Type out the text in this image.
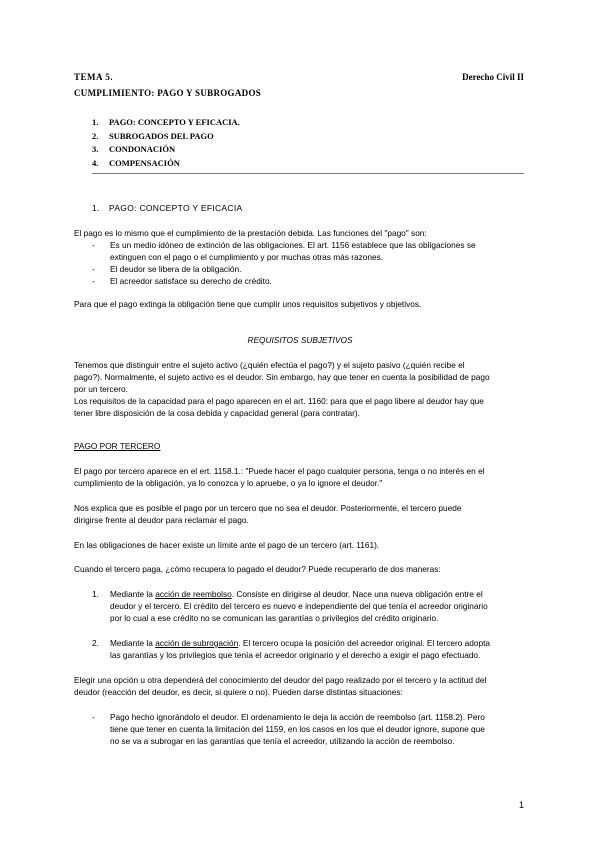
TEMA 5.
CUMPLIMIENTO: PAGO Y SUBROGADOS
Derecho Civil II
1. PAGO: CONCEPTO Y EFICACIA.
2. SUBROGADOS DEL PAGO
3. CONDONACIÓN
4. COMPENSACIÓN
1. PAGO: CONCEPTO Y EFICACIA
El pago es lo mismo que el cumplimiento de la prestación debida. Las funciones del "pago" son:
- Es un medio idóneo de extinción de las obligaciones. El art. 1156 establece que las obligaciones se
extinguen con el pago o el cumplimiento y por muchas otras más razones.
- El deudor se libera de la obligación.
- El acreedor satisface su derecho de crédito.
Para que el pago extinga la obligación tiene que cumplir unos requisitos subjetivos y objetivos.
REQUISITOS SUBJETIVOS
Tenemos que distinguir entre el sujeto activo (¿quién efectúa el pago?) y el sujeto pasivo (¿quién recibe el
pago?). Normalmente, el sujeto activo es el deudor. Sin embargo, hay que tener en cuenta la posibilidad de pago
por un tercero.
Los requisitos de la capacidad para el pago aparecen en el art. 1160: para que el pago libere al deudor hay que
tener libre disposición de la cosa debida y capacidad general (para contratar).
PAGO POR TERCERO
El pago por tercero aparece en el ert. 1158.1.: "Puede hacer el pago cualquier persona, tenga o no interés en el
cumplimiento de la obligación, ya lo conozca y lo apruebe, o ya lo ignore el deudor."
Nos explica que es posible el pago por un tercero que no sea el deudor. Posteriormente, el tercero puede
dirigirse frente al deudor para reclamar el pago.
En las obligaciones de hacer existe un límite ante el pago de un tercero (art. 1161).
Cuando el tercero paga, ¿cómo recupera lo pagado el deudor? Puede recuperarlo de dos maneras:
1. Mediante la acción de reembolso. Consiste en dirigirse al deudor. Nace una nueva obligación entre el
deudor y el tercero. El crédito del tercero es nuevo e independiente del que tenía el acreedor originario
por lo cual a ese crédito no se comunican las garantías o privilegios del crédito originario.
2. Mediante la acción de subrogación. El tercero ocupa la posición del acreedor original. El tercero adopta
las garantías y los privilegios que tenía el acreedor originario y el derecho a exigir el pago efectuado.
Elegir una opción u otra dependerá del conocimiento del deudor del pago realizado por el tercero y la actitud del
deudor (reacción del deudor, es decir, si quiere o no). Pueden darse distintas situaciones:
- Pago hecho ignorándolo el deudor. El ordenamiento le deja la acción de reembolso (art. 1158.2). Pero
tiene que tener en cuenta la limitación del 1159, en los casos en los que el deudor ignore, supone que
no se va a subrogar en las garantías que tenía el acreedor, utilizando la acción de reembolso.
1
